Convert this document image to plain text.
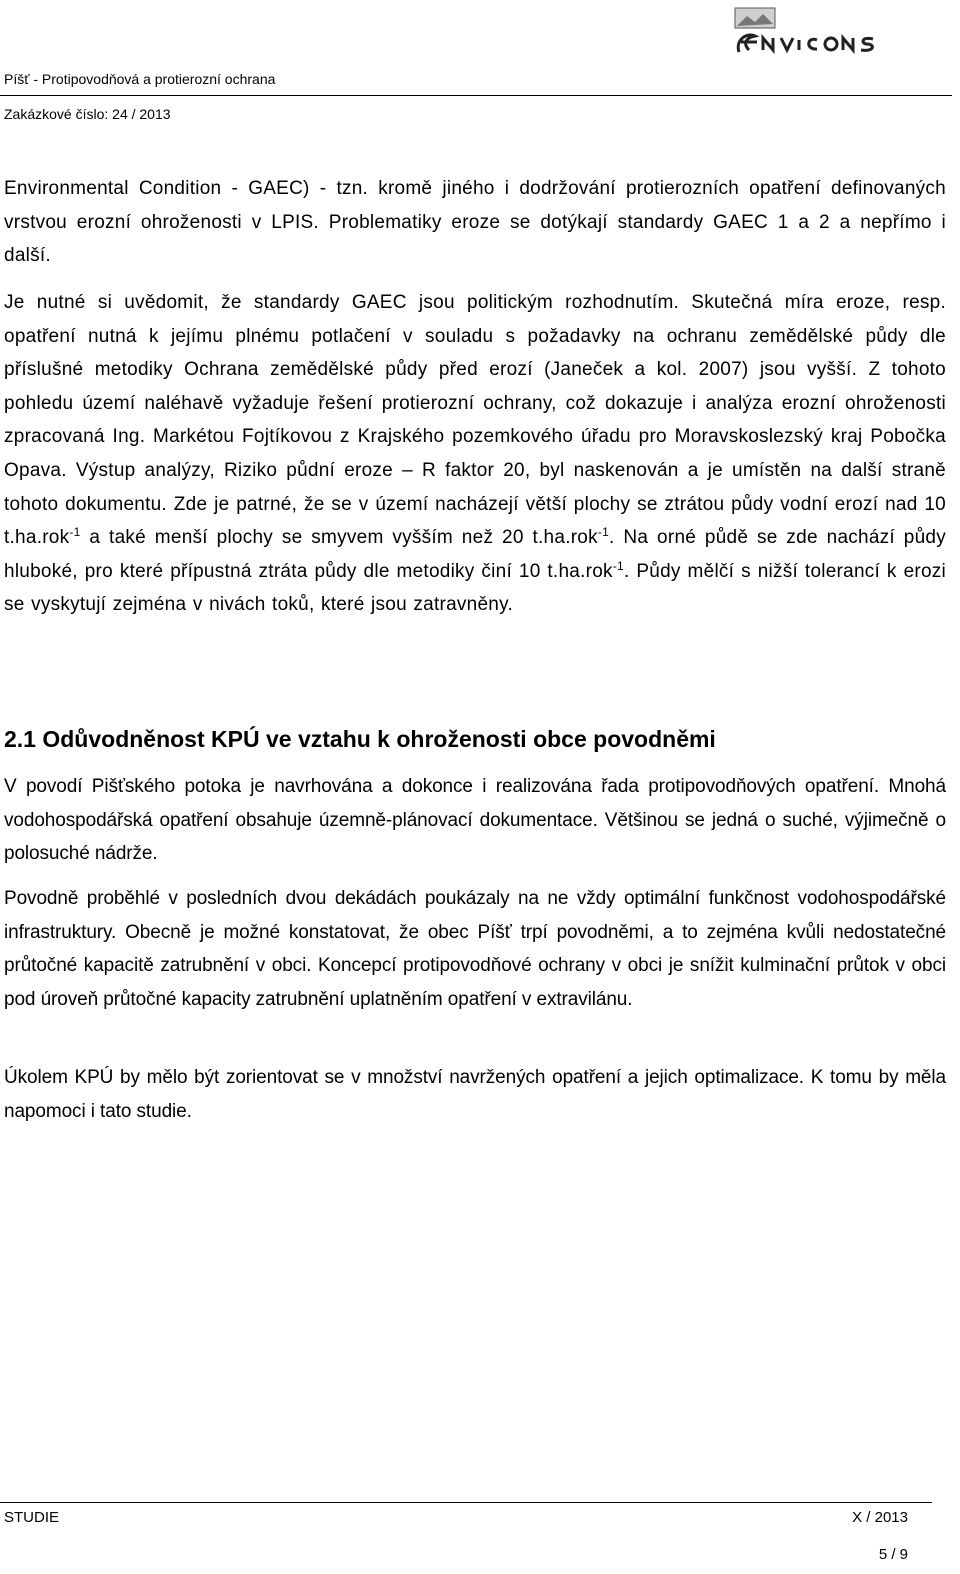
Píšť - Protipovodňová a protierozní ochrana
Zakázkové číslo: 24 / 2013

Environmental Condition - GAEC) - tzn. kromě jiného i dodržování protierozních opatření definovaných vrstvou erozní ohroženosti v LPIS. Problematiky eroze se dotýkají standardy GAEC 1 a 2 a nepřímo i další.

Je nutné si uvědomit, že standardy GAEC jsou politickým rozhodnutím. Skutečná míra eroze, resp. opatření nutná k jejímu plnému potlačení v souladu s požadavky na ochranu zemědělské půdy dle příslušné metodiky Ochrana zemědělské půdy před erozí (Janeček a kol. 2007) jsou vyšší. Z tohoto pohledu území naléhavě vyžaduje řešení protierozní ochrany, což dokazuje i analýza erozní ohroženosti zpracovaná Ing. Markétou Fojtíkovou z Krajského pozemkového úřadu pro Moravskoslezský kraj Pobočka Opava. Výstup analýzy, Riziko půdní eroze – R faktor 20, byl naskenován a je umístěn na další straně tohoto dokumentu. Zde je patrné, že se v území nacházejí větší plochy se ztrátou půdy vodní erozí nad 10 t.ha.rok$^{-1}$ a také menší plochy se smyvem vyšším než 20 t.ha.rok$^{-1}$. Na orné půdě se zde nachází půdy hluboké, pro které přípustná ztráta půdy dle metodiky činí 10 t.ha.rok$^{-1}$. Půdy mělčí s nižší tolerancí k erozi se vyskytují zejména v nivách toků, které jsou zatravněny.

2.1 Odůvodněnost KPÚ ve vztahu k ohroženosti obce povodněmi

V povodí Pišťského potoka je navrhována a dokonce i realizována řada protipovodňových opatření. Mnohá vodohospodářská opatření obsahuje územně-plánovací dokumentace. Většinou se jedná o suché, výjimečně o polosuché nádrže.

Povodně proběhlé v posledních dvou dekádách poukázaly na ne vždy optimální funkčnost vodohospodářské infrastruktury. Obecně je možné konstatovat, že obec Píšť trpí povodněmi, a to zejména kvůli nedostatečné průtočné kapacitě zatrubnění v obci. Koncepcí protipovodňové ochrany v obci je snížit kulminační průtok v obci pod úroveň průtočné kapacity zatrubnění uplatněním opatření v extravilánu.

Úkolem KPÚ by mělo být zorientovat se v množství navržených opatření a jejich optimalizace. K tomu by měla napomoci i tato studie.

STUDIE	X / 2013
5 / 9
